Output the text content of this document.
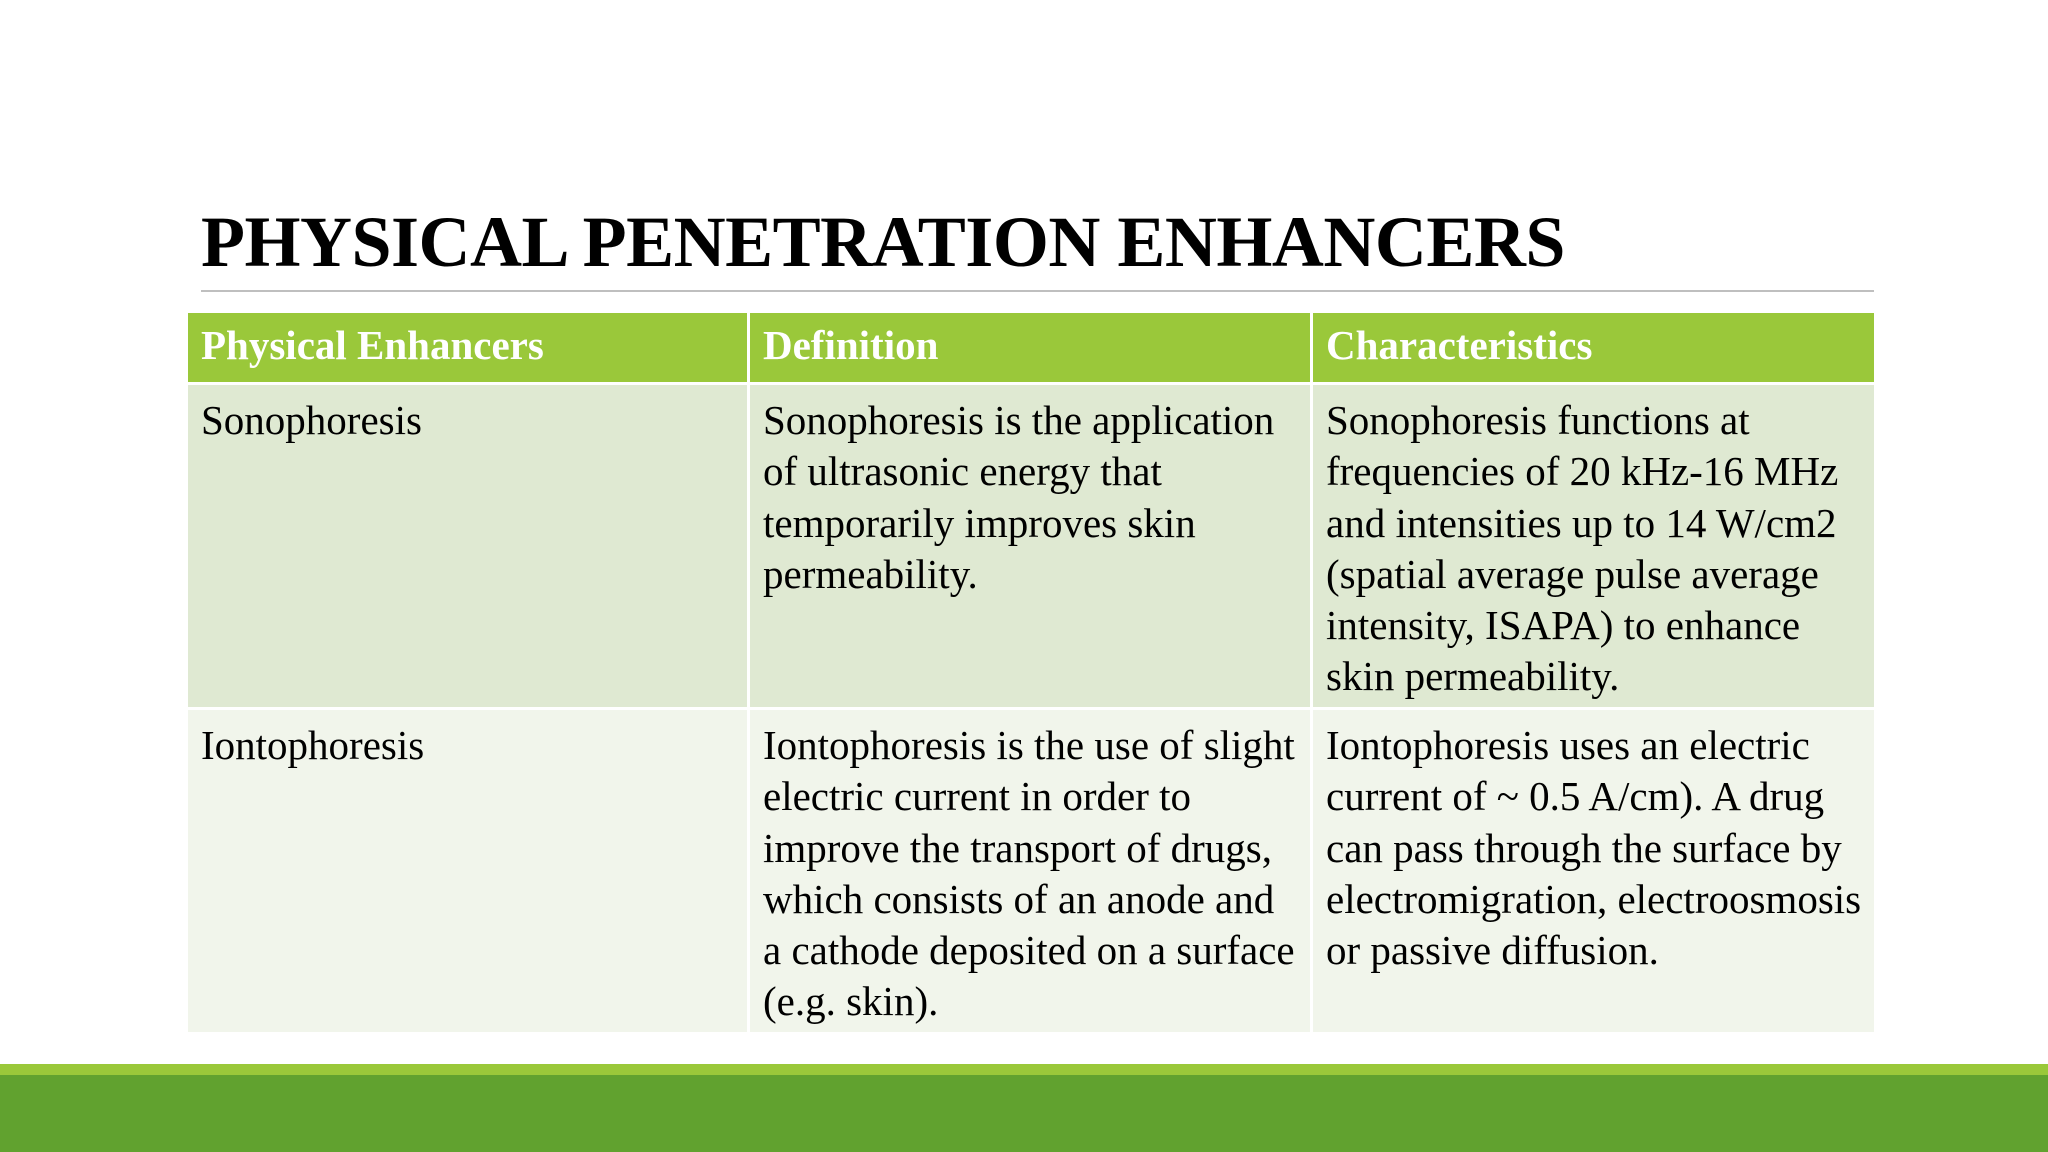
PHYSICAL PENETRATION ENHANCERS
Physical Enhancers	Definition	Characteristics
Sonophoresis	Sonophoresis is the application of ultrasonic energy that temporarily improves skin permeability.	Sonophoresis functions at frequencies of 20 kHz-16 MHz and intensities up to 14 W/cm2 (spatial average pulse average intensity, ISAPA) to enhance skin permeability.
Iontophoresis	Iontophoresis is the use of slight electric current in order to improve the transport of drugs, which consists of an anode and a cathode deposited on a surface (e.g. skin).	Iontophoresis uses an electric current of ~ 0.5 A/cm). A drug can pass through the surface by electromigration, electroosmosis or passive diffusion.
